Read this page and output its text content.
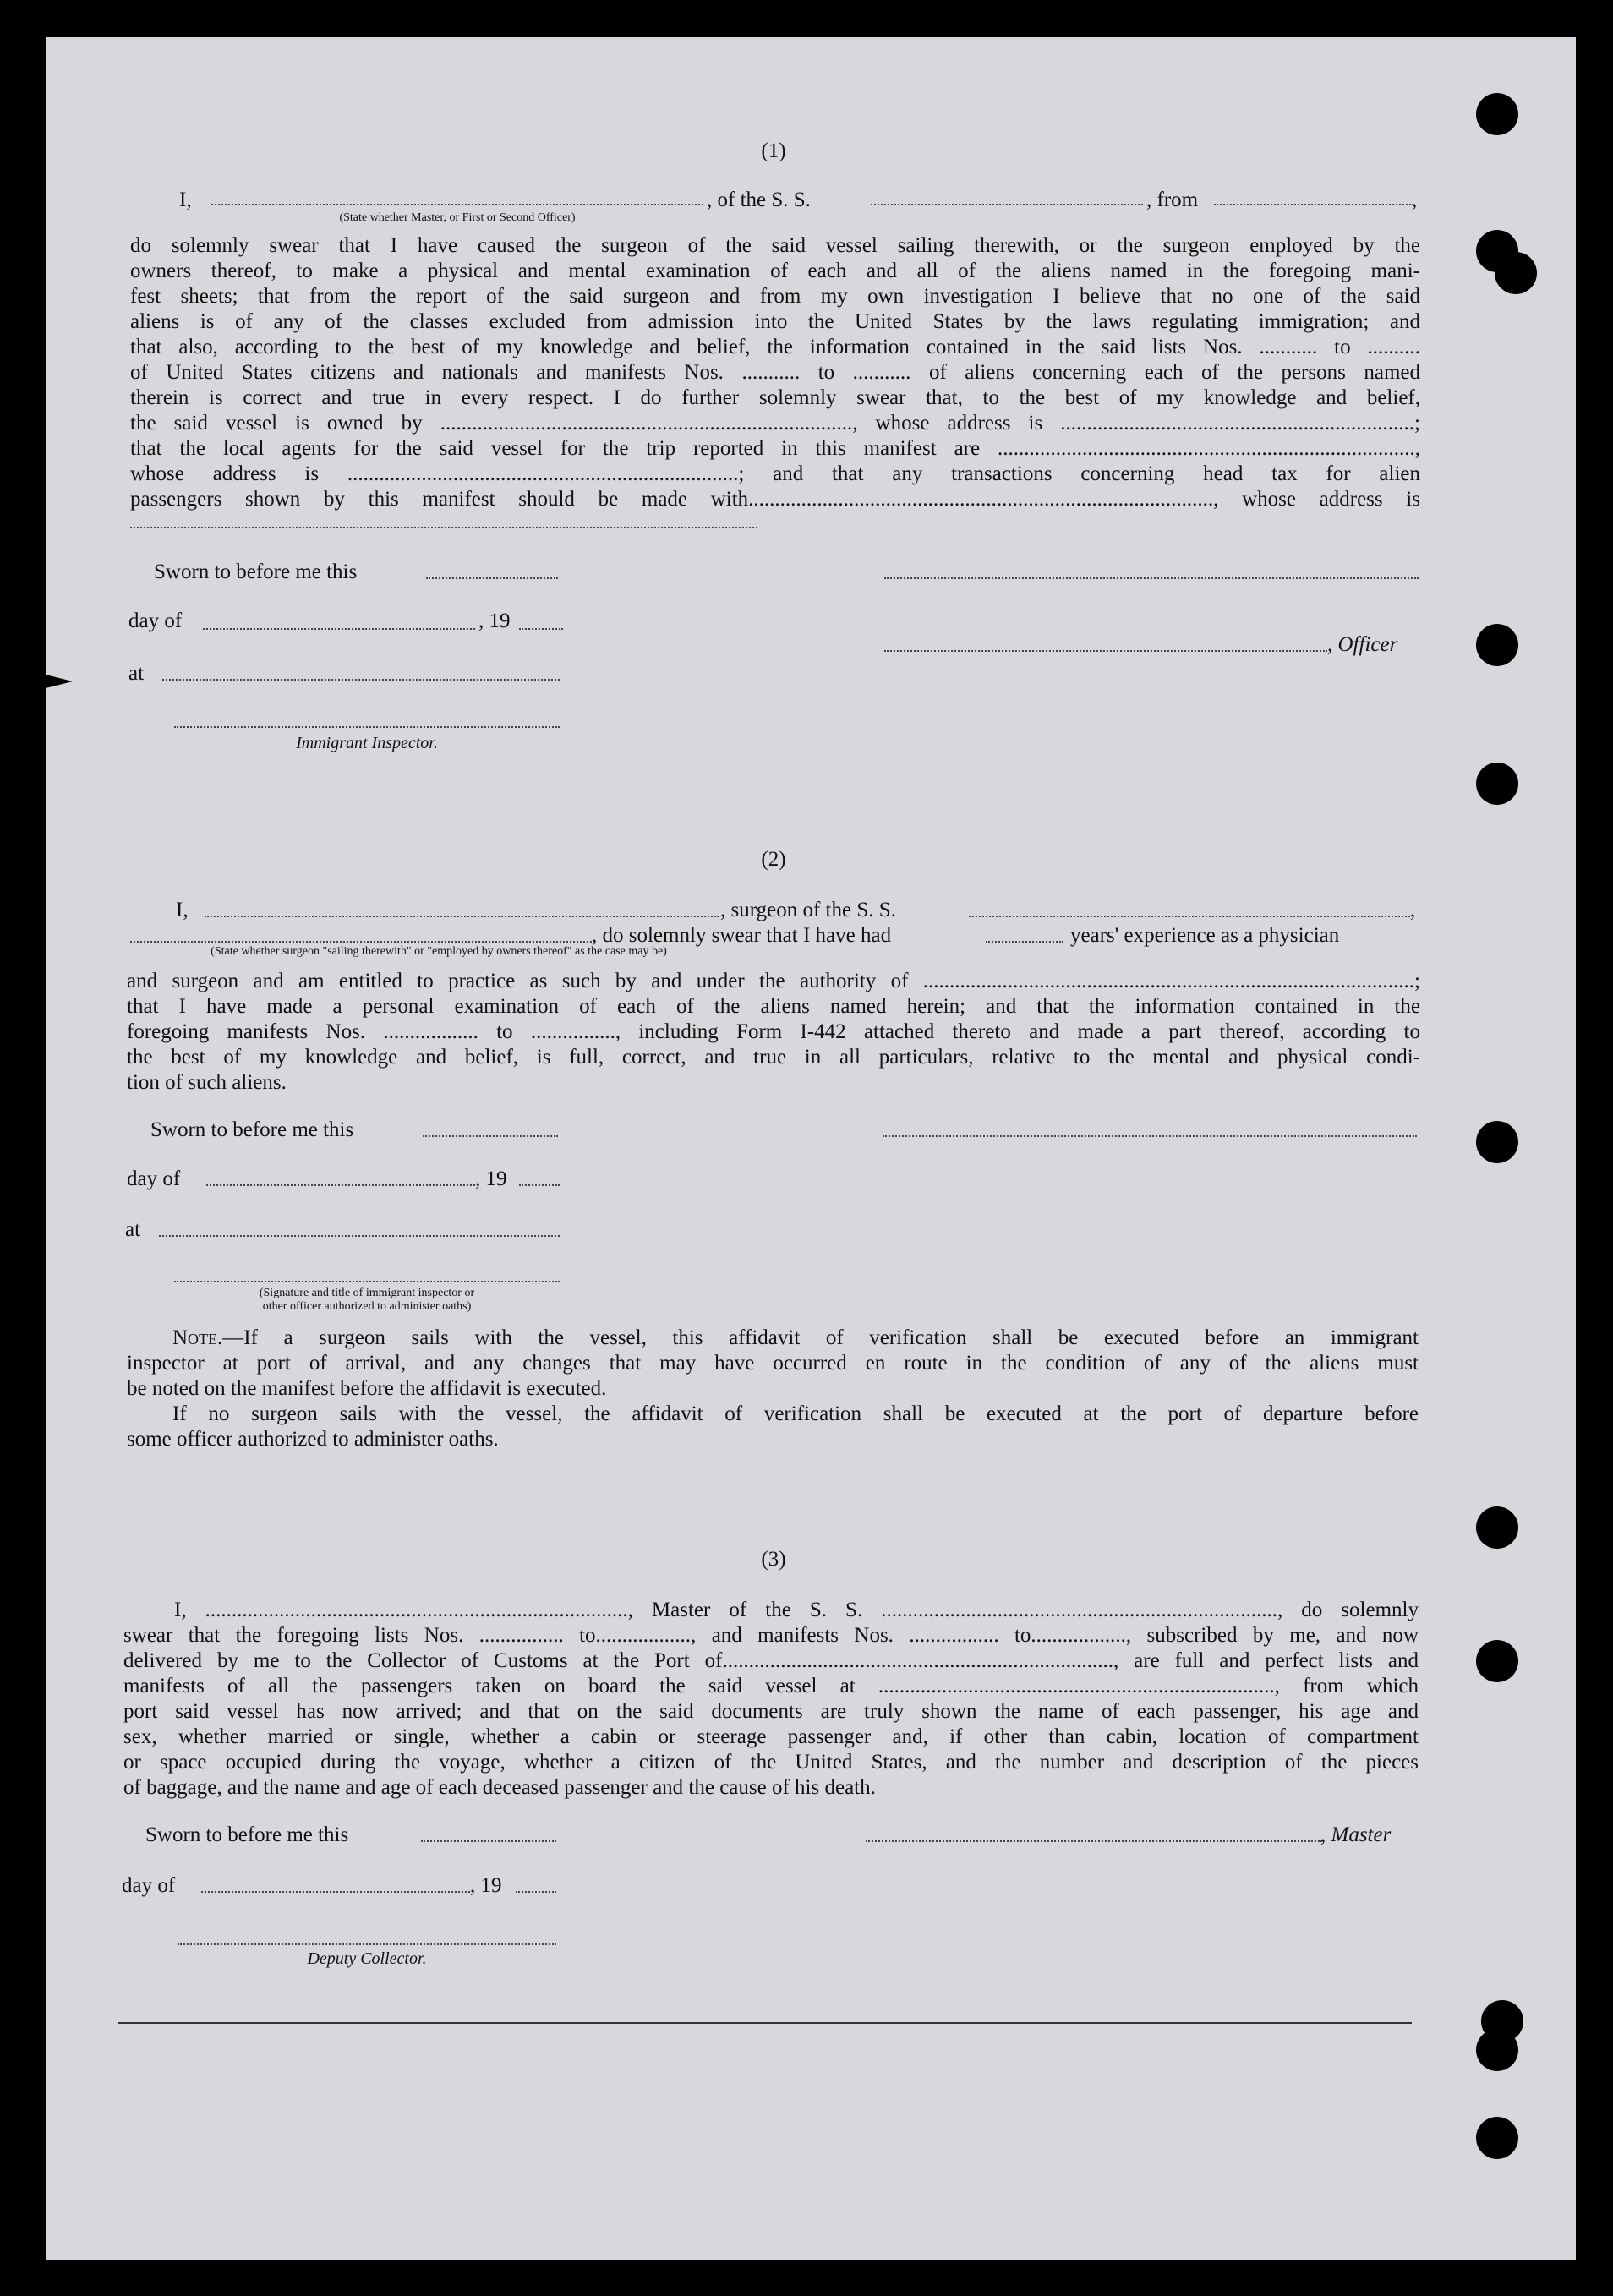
(1)
I,	, of the S. S.	, from	,
(State whether Master, or First or Second Officer)
do solemnly swear that I have caused the surgeon of the said vessel sailing therewith, or the surgeon employed by the
owners thereof, to make a physical and mental examination of each and all of the aliens named in the foregoing mani-
fest sheets; that from the report of the said surgeon and from my own investigation I believe that no one of the said
aliens is of any of the classes excluded from admission into the United States by the laws regulating immigration; and
that also, according to the best of my knowledge and belief, the information contained in the said lists Nos. ........... to ..........
of United States citizens and nationals and manifests Nos. ........... to ........... of aliens concerning each of the persons named
therein is correct and true in every respect. I do further solemnly swear that, to the best of my knowledge and belief,
the said vessel is owned by .............................................................................., whose address is ...................................................................;
that the local agents for the said vessel for the trip reported in this manifest are ...............................................................................,
whose address is ..........................................................................; and that any transactions concerning head tax for alien
passengers shown by this manifest should be made with........................................................................................, whose address is
Sworn to before me this
day of	, 19
, Officer
at
Immigrant Inspector.
(2)
I,	, surgeon of the S. S.	,
, do solemnly swear that I have had	years' experience as a physician
(State whether surgeon "sailing therewith" or "employed by owners thereof" as the case may be)
and surgeon and am entitled to practice as such by and under the authority of .............................................................................................;
that I have made a personal examination of each of the aliens named herein; and that the information contained in the
foregoing manifests Nos. .................. to ................, including Form I-442 attached thereto and made a part thereof, according to
the best of my knowledge and belief, is full, correct, and true in all particulars, relative to the mental and physical condi-
tion of such aliens.
Sworn to before me this
day of	, 19
at
(Signature and title of immigrant inspector or
other officer authorized to administer oaths)
Note.—If a surgeon sails with the vessel, this affidavit of verification shall be executed before an immigrant
inspector at port of arrival, and any changes that may have occurred en route in the condition of any of the aliens must
be noted on the manifest before the affidavit is executed.
If no surgeon sails with the vessel, the affidavit of verification shall be executed at the port of departure before
some officer authorized to administer oaths.
(3)
I, ................................................................................, Master of the S. S. ..........................................................................., do solemnly
swear that the foregoing lists Nos. ................ to.................., and manifests Nos. ................. to.................., subscribed by me, and now
delivered by me to the Collector of Customs at the Port of.........................................................................., are full and perfect lists and
manifests of all the passengers taken on board the said vessel at ..........................................................................., from which
port said vessel has now arrived; and that on the said documents are truly shown the name of each passenger, his age and
sex, whether married or single, whether a cabin or steerage passenger and, if other than cabin, location of compartment
or space occupied during the voyage, whether a citizen of the United States, and the number and description of the pieces
of baggage, and the name and age of each deceased passenger and the cause of his death.
Sworn to before me this	, Master
day of	, 19
Deputy Collector.
